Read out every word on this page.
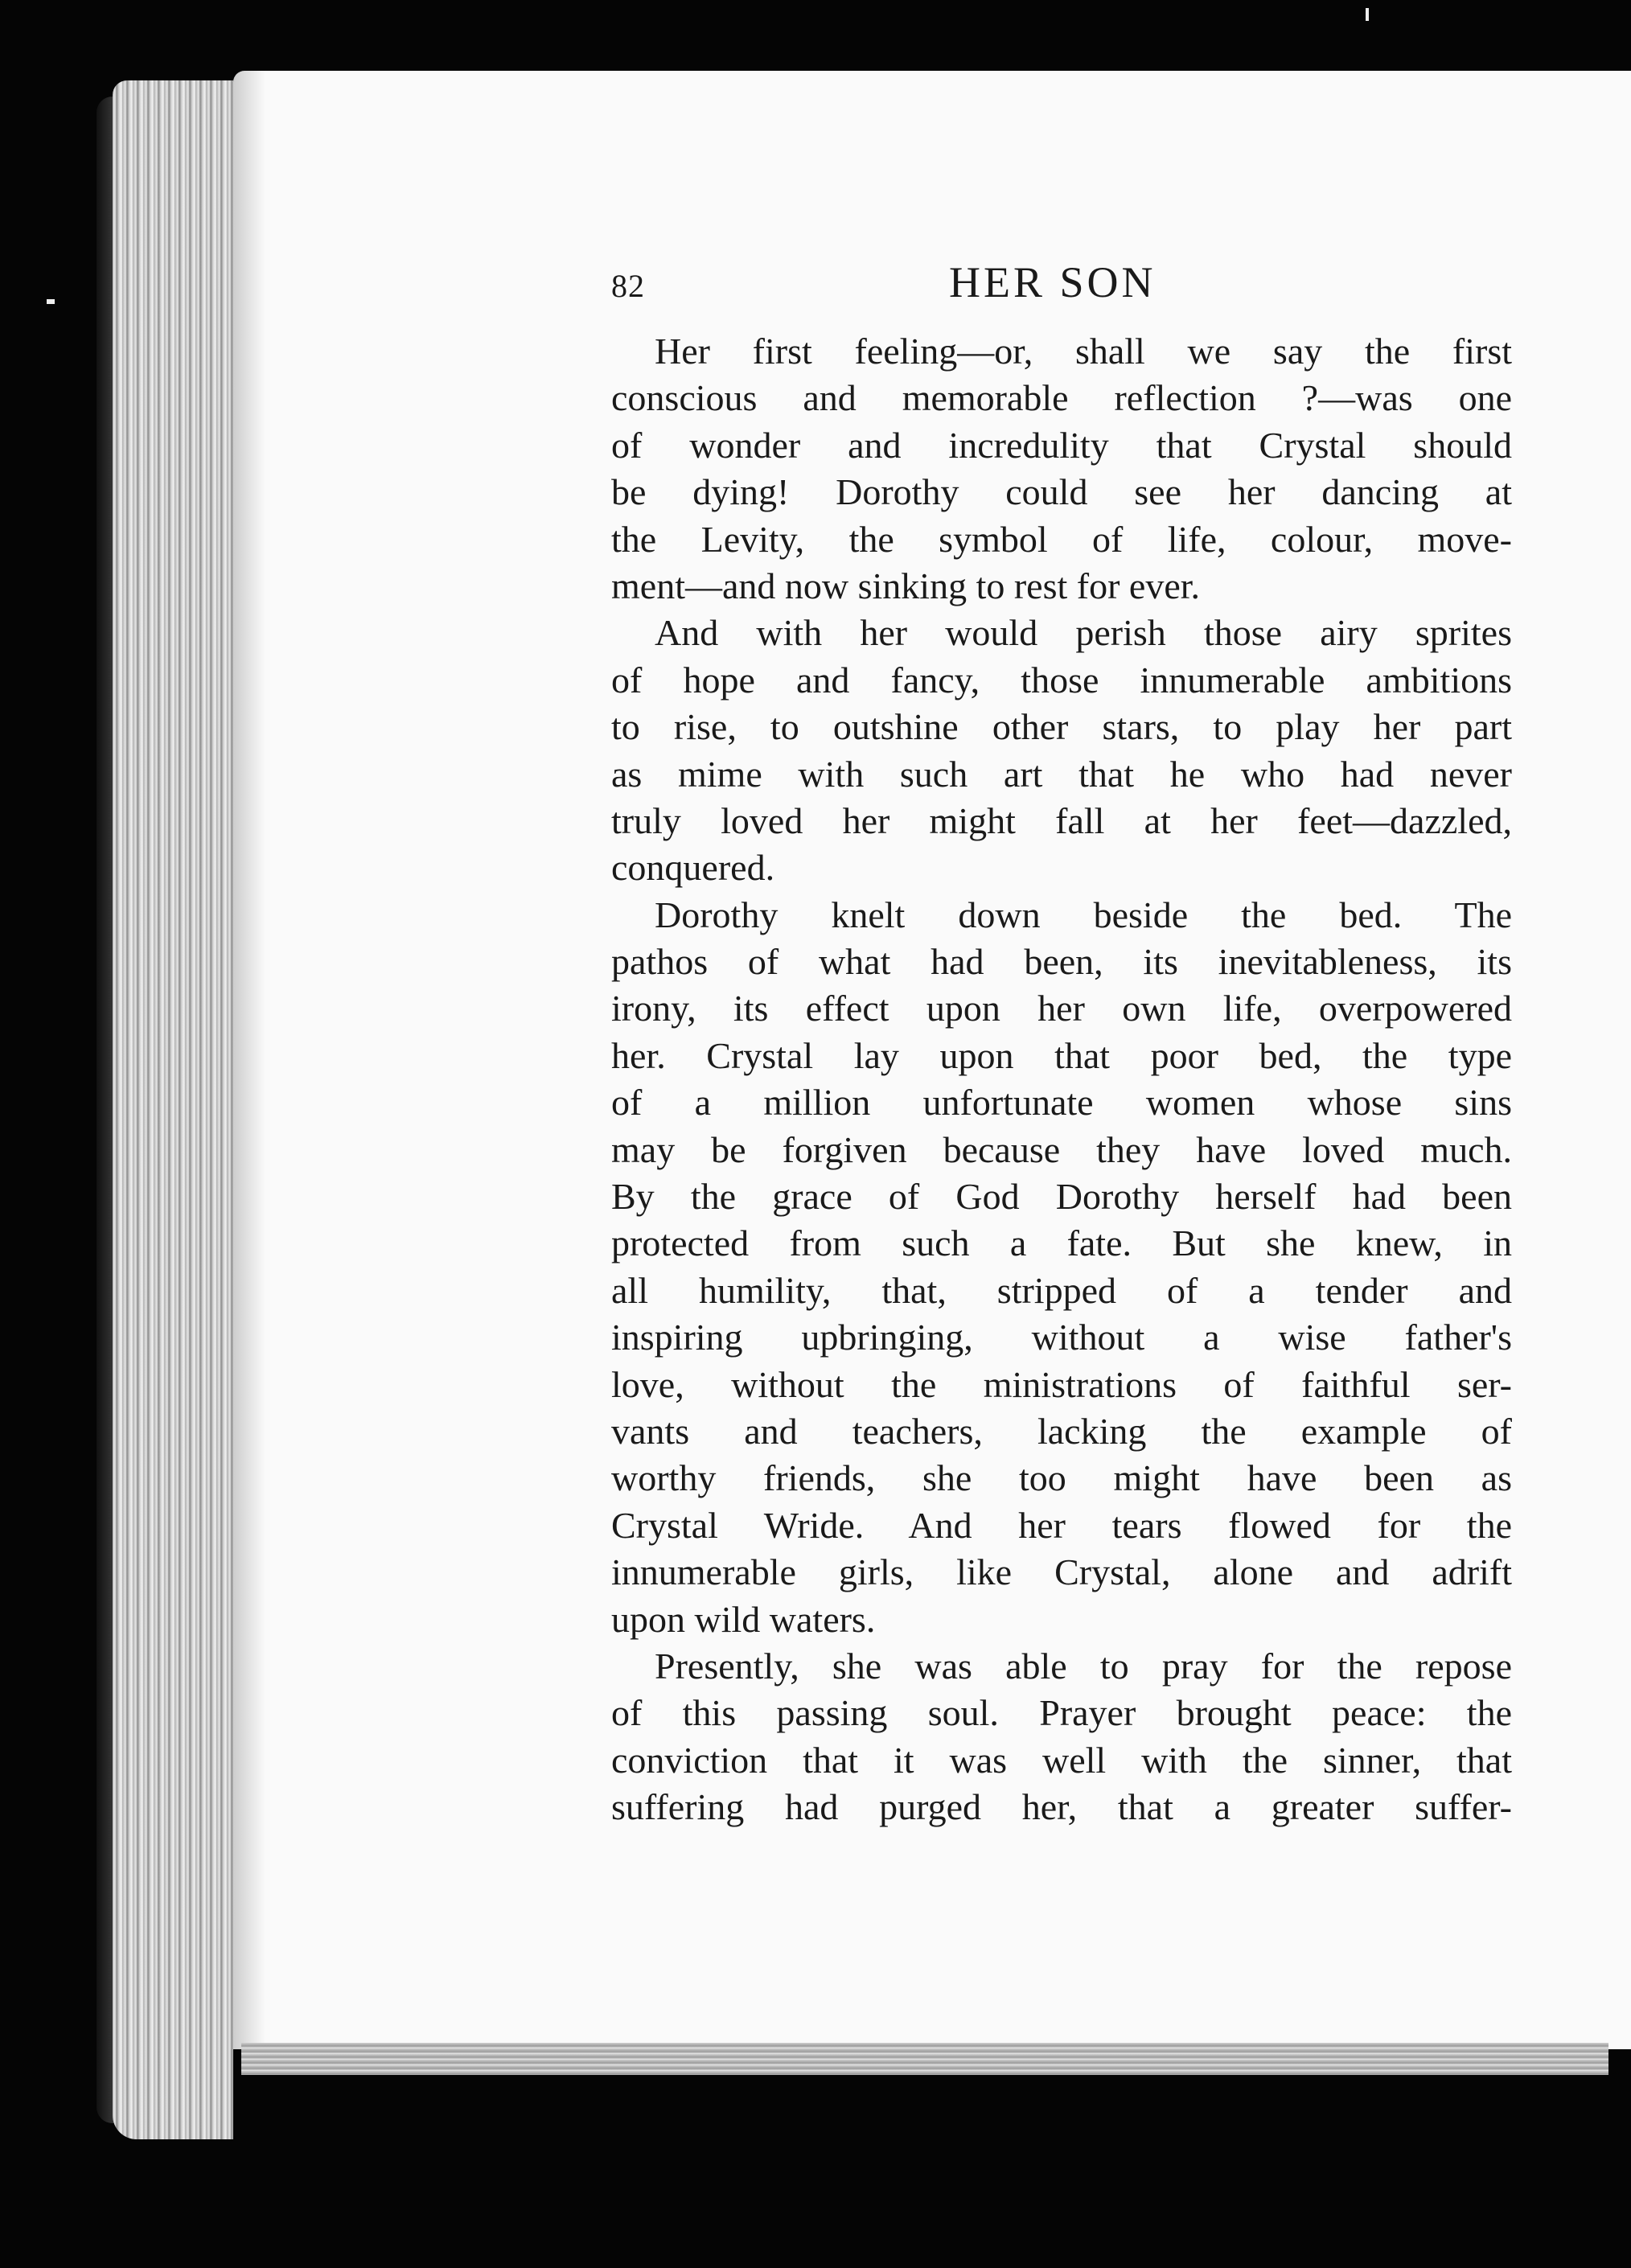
82	HER SON

Her first feeling—or, shall we say the first
conscious and memorable reflection ?—was one
of wonder and incredulity that Crystal should
be dying! Dorothy could see her dancing at
the Levity, the symbol of life, colour, move-
ment—and now sinking to rest for ever.

And with her would perish those airy sprites
of hope and fancy, those innumerable ambitions
to rise, to outshine other stars, to play her part
as mime with such art that he who had never
truly loved her might fall at her feet—dazzled,
conquered.

Dorothy knelt down beside the bed. The
pathos of what had been, its inevitableness, its
irony, its effect upon her own life, overpowered
her. Crystal lay upon that poor bed, the type
of a million unfortunate women whose sins
may be forgiven because they have loved much.
By the grace of God Dorothy herself had been
protected from such a fate. But she knew, in
all humility, that, stripped of a tender and
inspiring upbringing, without a wise father's
love, without the ministrations of faithful ser-
vants and teachers, lacking the example of
worthy friends, she too might have been as
Crystal Wride. And her tears flowed for the
innumerable girls, like Crystal, alone and adrift
upon wild waters.

Presently, she was able to pray for the repose
of this passing soul. Prayer brought peace: the
conviction that it was well with the sinner, that
suffering had purged her, that a greater suffer-
